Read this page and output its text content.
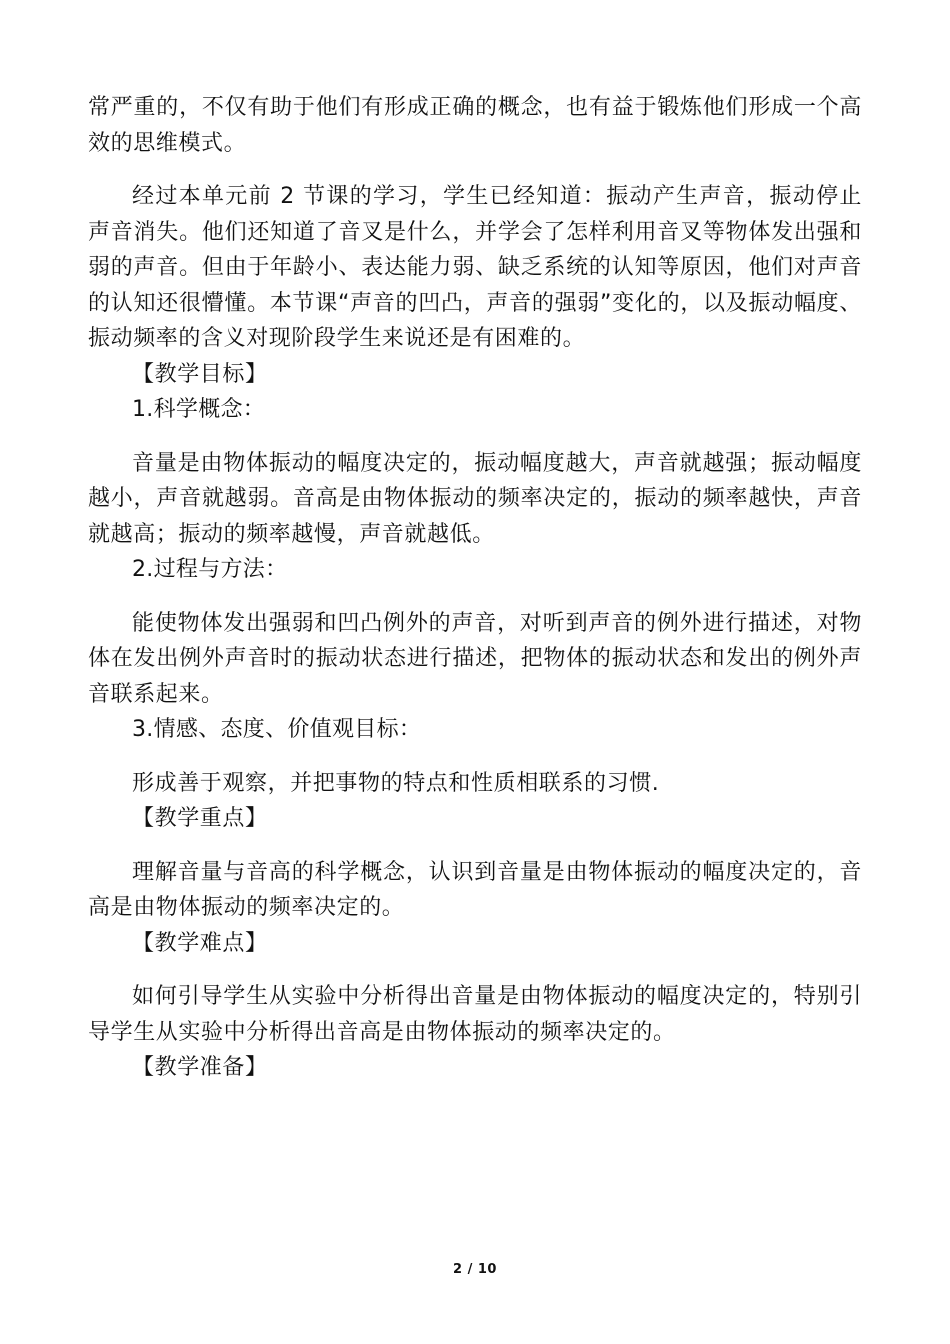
常严重的，不仅有助于他们有形成正确的概念，也有益于锻炼他们形成一个高效的思维模式。

经过本单元前 2 节课的学习，学生已经知道：振动产生声音，振动停止声音消失。他们还知道了音叉是什么，并学会了怎样利用音叉等物体发出强和弱的声音。但由于年龄小、表达能力弱、缺乏系统的认知等原因，他们对声音的认知还很懵懂。本节课“声音的凹凸，声音的强弱”变化的，以及振动幅度、振动频率的含义对现阶段学生来说还是有困难的。

【教学目标】

1.科学概念：

音量是由物体振动的幅度决定的，振动幅度越大，声音就越强；振动幅度越小，声音就越弱。音高是由物体振动的频率决定的，振动的频率越快，声音就越高；振动的频率越慢，声音就越低。

2.过程与方法：

能使物体发出强弱和凹凸例外的声音，对听到声音的例外进行描述，对物体在发出例外声音时的振动状态进行描述，把物体的振动状态和发出的例外声音联系起来。

3.情感、态度、价值观目标：

形成善于观察，并把事物的特点和性质相联系的习惯.

【教学重点】

理解音量与音高的科学概念，认识到音量是由物体振动的幅度决定的，音高是由物体振动的频率决定的。

【教学难点】

如何引导学生从实验中分析得出音量是由物体振动的幅度决定的，特别引导学生从实验中分析得出音高是由物体振动的频率决定的。

【教学准备】

2 / 10
